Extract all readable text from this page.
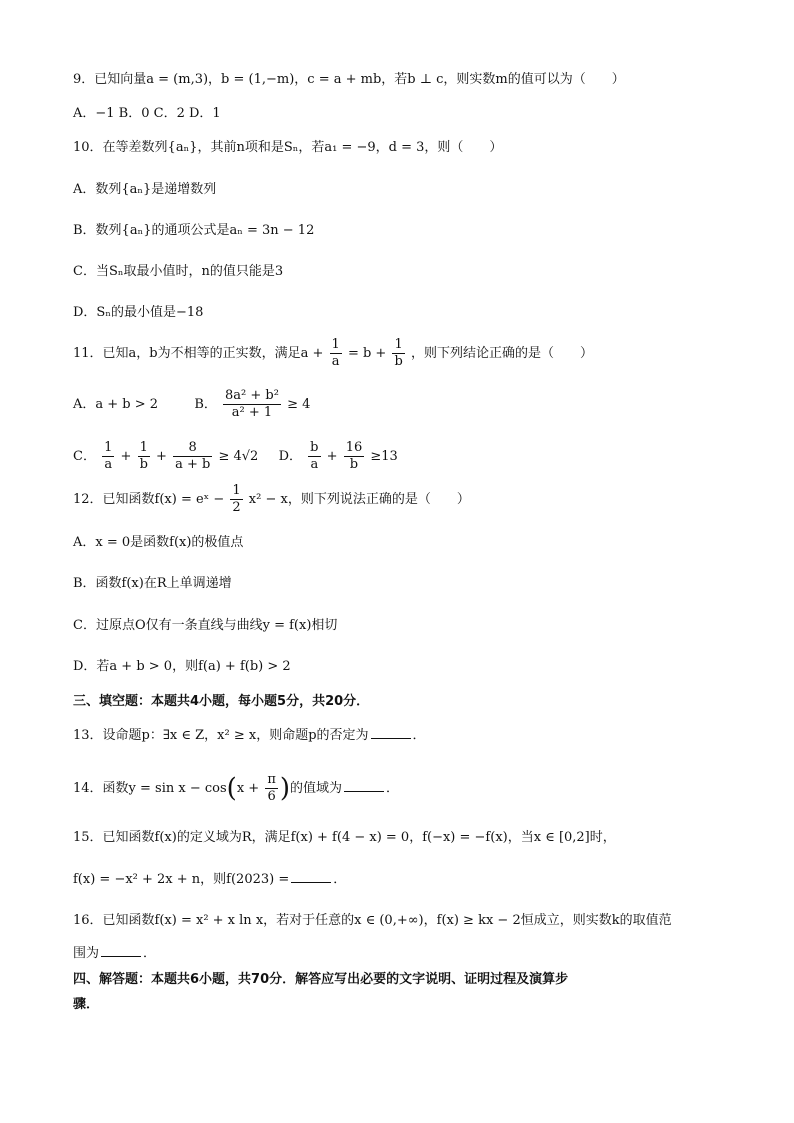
9．已知向量a = (m,3)，b = (1,−m)，c = a + mb，若b ⊥ c，则实数m的值可以为（　　）
A．−1 B．0 C．2 D．1
10．在等差数列{aₙ}，其前n项和是Sₙ，若a₁ = −9，d = 3，则（　　）
A．数列{aₙ}是递增数列
B．数列{aₙ}的通项公式是aₙ = 3n − 12
C．当Sₙ取最小值时，n的值只能是3
D．Sₙ的最小值是−18
11．已知a，b为不相等的正实数，满足$a + \frac{1}{a} = b + \frac{1}{b}$ ，则下列结论正确的是（　　）
A．a + b > 2	B． $\frac{\text{8a² + b²}}{\text{a² + 1}} \ge 4$
C． $\frac{1}{a} + \frac{1}{b} + \frac{8}{a + b} \ge 4√2$ D． $\frac{b}{a} + \frac{16}{b} \ge 13$
12．已知函数f(x) = eˣ − $\frac{1}{2} x^2 - x$，则下列说法正确的是（　　）
A．x = 0是函数f(x)的极值点
B．函数f(x)在R上单调递增
C．过原点O仅有一条直线与曲线y = f(x)相切
D．若a + b > 0，则f(a) + f(b) > 2
三、填空题：本题共4小题，每小题5分，共20分．
13．设命题p：∃x ∈ Z，x² ≥ x，则命题p的否定为	．
14．函数$y = \sin x - \cos(x + \frac{\pi}{6}$ )的值域为	．
15．已知函数f(x)的定义域为R，满足f(x) + f(4 − x) = 0，f(−x) = −f(x)，当x ∈ [0,2]时，
f(x) = −x² + 2x + n，则f(2023) =	．
16．已知函数f(x) = x² + x ln x，若对于任意的x ∈ (0,+∞)，f(x) ≥ kx − 2恒成立，则实数k的取值范
围为	．
四、解答题：本题共6小题，共70分．解答应写出必要的文字说明、证明过程及演算步
骤．
